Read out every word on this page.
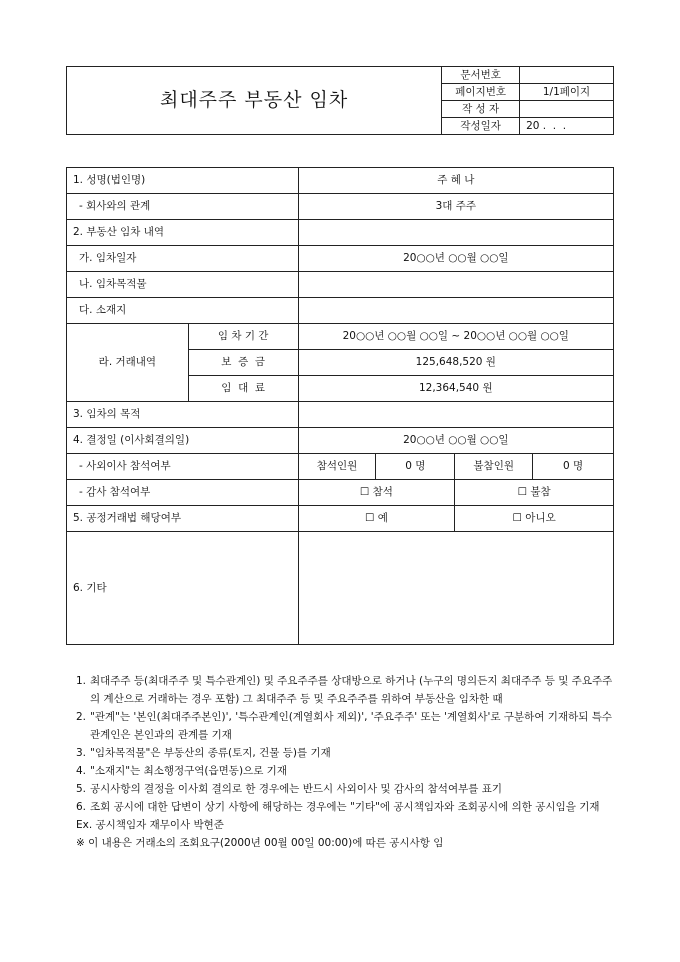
최대주주 부동산 임차	문서번호	
	페이지번호	1/1페이지
	작 성 자	
	작성일자	20 .  .  .
1. 성명(법인명)		주 혜 나			
- 회사와의 관계		3대 주주			
2. 부동산 임차 내역					
가. 임차일자		20○○년 ○○월 ○○일			
나. 임차목적물					
다. 소재지					
라. 거래내역	임 차 기 간	20○○년 ○○월 ○○일 ~ 20○○년 ○○월 ○○일			
	보  증  금	125,648,520 원			
	임  대  료	12,364,540 원			
3. 임차의 목적					
4. 결정일 (이사회결의일)		20○○년 ○○월 ○○일			
- 사외이사 참석여부		참석인원	0 명	불참인원	0 명
- 감사 참석여부		☐ 참석		☐ 불참	
5. 공정거래법 해당여부		☐ 예		☐ 아니오	
6. 기타					
1. 최대주주 등(최대주주 및 특수관계인) 및 주요주주를 상대방으로 하거나 (누구의 명의든지 최대주주 등 및 주요주주의 계산으로 거래하는 경우 포함) 그 최대주주 등 및 주요주주를 위하여 부동산을 임차한 때
2. "관계"는 '본인(최대주주본인)', '특수관계인(계열회사 제외)', '주요주주' 또는 '계열회사'로 구분하여 기재하되 특수관계인은 본인과의 관계를 기재
3. "임차목적물"은 부동산의 종류(토지, 건물 등)를 기재
4. "소재지"는 최소행정구역(읍면동)으로 기재
5. 공시사항의 결정을 이사회 결의로 한 경우에는 반드시 사외이사 및 감사의 참석여부를 표기
6. 조회 공시에 대한 답변이 상기 사항에 해당하는 경우에는 "기타"에 공시책임자와 조회공시에 의한 공시임을 기재
Ex. 공시책임자 재무이사 박현준
※ 이 내용은 거래소의 조회요구(2000년 00월 00일 00:00)에 따른 공시사항 임
